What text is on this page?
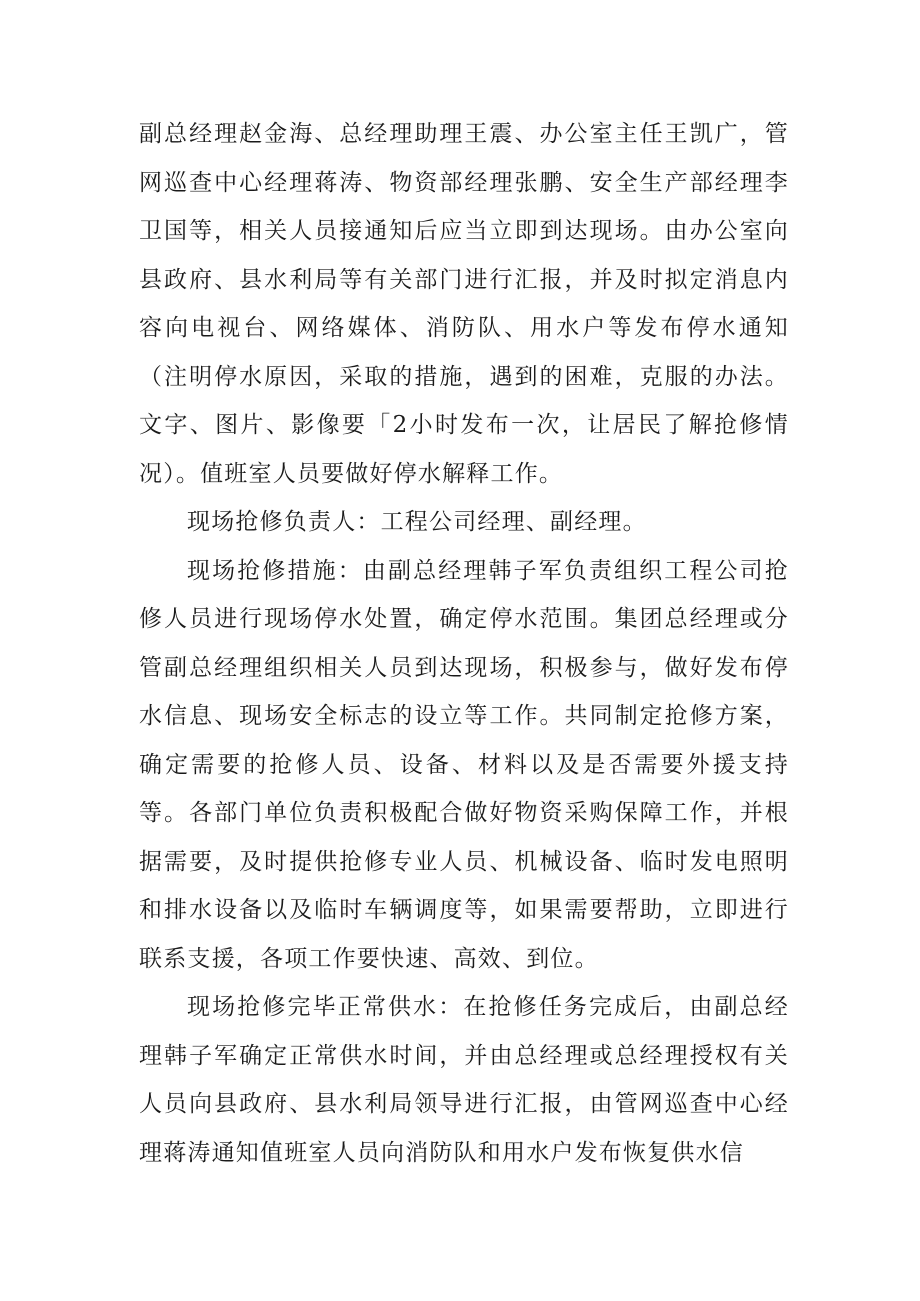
副总经理赵金海、总经理助理王震、办公室主任王凯广，管网巡查中心经理蒋涛、物资部经理张鹏、安全生产部经理李卫国等，相关人员接通知后应当立即到达现场。由办公室向县政府、县水利局等有关部门进行汇报，并及时拟定消息内容向电视台、网络媒体、消防队、用水户等发布停水通知（注明停水原因，采取的措施，遇到的困难，克服的办法。文字、图片、影像要「2小时发布一次，让居民了解抢修情况）。值班室人员要做好停水解释工作。

现场抢修负责人：工程公司经理、副经理。

现场抢修措施：由副总经理韩子军负责组织工程公司抢修人员进行现场停水处置，确定停水范围。集团总经理或分管副总经理组织相关人员到达现场，积极参与，做好发布停水信息、现场安全标志的设立等工作。共同制定抢修方案，确定需要的抢修人员、设备、材料以及是否需要外援支持等。各部门单位负责积极配合做好物资采购保障工作，并根据需要，及时提供抢修专业人员、机械设备、临时发电照明和排水设备以及临时车辆调度等，如果需要帮助，立即进行联系支援，各项工作要快速、高效、到位。

现场抢修完毕正常供水：在抢修任务完成后，由副总经理韩子军确定正常供水时间，并由总经理或总经理授权有关人员向县政府、县水利局领导进行汇报，由管网巡查中心经理蒋涛通知值班室人员向消防队和用水户发布恢复供水信
